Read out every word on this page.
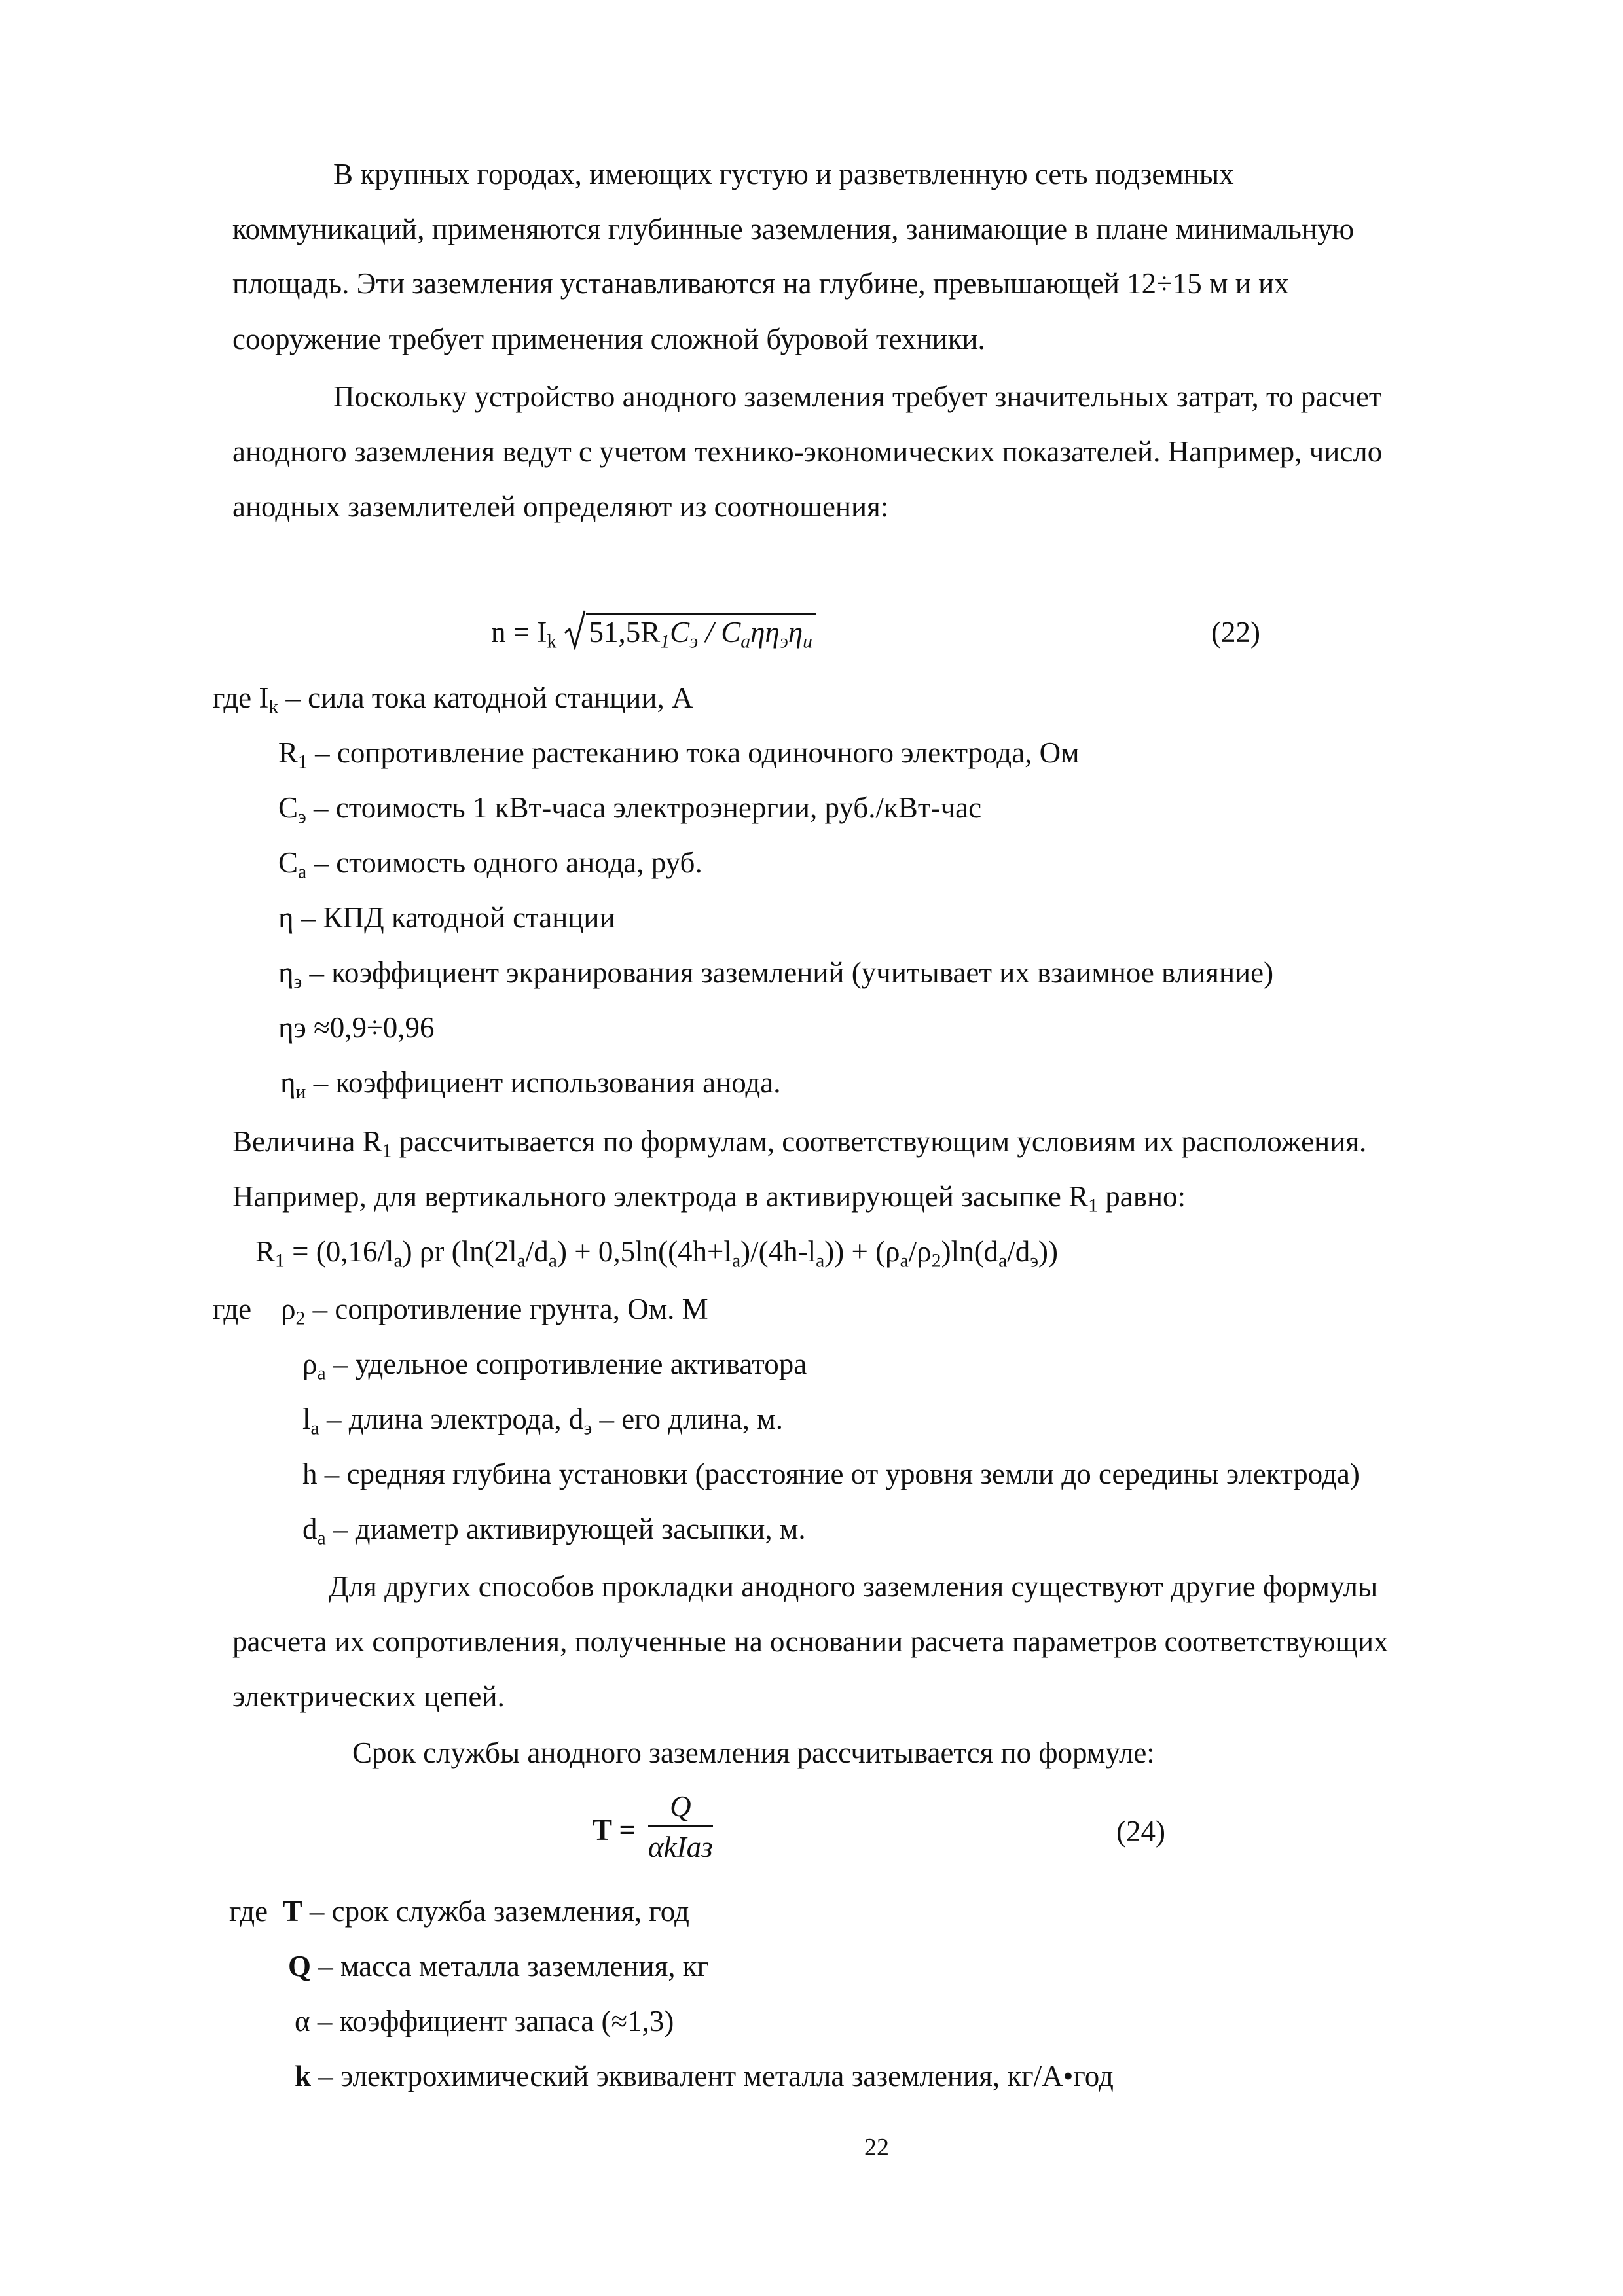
В крупных городах, имеющих густую и разветвленную сеть подземных
коммуникаций, применяются глубинные заземления, занимающие в плане минимальную
площадь. Эти заземления устанавливаются на глубине, превышающей 12÷15 м и их
сооружение требует применения сложной буровой техники.
Поскольку устройство анодного заземления требует значительных затрат, то расчет
анодного заземления ведут с учетом технико-экономических показателей. Например, число
анодных заземлителей определяют из соотношения:
$n = I_k$ $51,5R_1C_э / C_a\eta\eta_э\eta_и$	(22)
где $I_k$ – сила тока катодной станции, А
$R_1$ – сопротивление растеканию тока одиночного электрода, Ом
$C_э$ – стоимость 1 кВт-часа электроэнергии, руб./кВт-час
$C_a$ – стоимость одного анода, руб.
η – КПД катодной станции
$\eta_э$ – коэффициент экранирования заземлений (учитывает их взаимное влияние)
ηэ ≈0,9÷0,96
$\eta_и$ – коэффициент использования анода.
Величина $R_1$ рассчитывается по формулам, соответствующим условиям их расположения.
Например, для вертикального электрода в активирующей засыпке $R_1$ равно:
$R_1 = (0,16/l_a)$ ρr $(\ln(2l_a/d_a) + 0,5\ln((4h+l_a)/(4h-l_a)) + (\rho_a/\rho_2)\ln(d_a/d_э))$
где    $\rho_2$ – сопротивление грунта, Ом. М
$\rho_a$ – удельное сопротивление активатора
$l_a$ – длина электрода, $d_э$ – его длина, м.
h – средняя глубина установки (расстояние от уровня земли до середины электрода)
$d_a$ – диаметр активирующей засыпки, м.
Для других способов прокладки анодного заземления существуют другие формулы
расчета их сопротивления, полученные на основании расчета параметров соответствующих
электрических цепей.
Срок службы анодного заземления рассчитывается по формуле:
T =
Q
αkIaз	(24)
где  T – срок служба заземления, год
Q – масса металла заземления, кг
α – коэффициент запаса (≈1,3)
k – электрохимический эквивалент металла заземления, кг/А•год
22
